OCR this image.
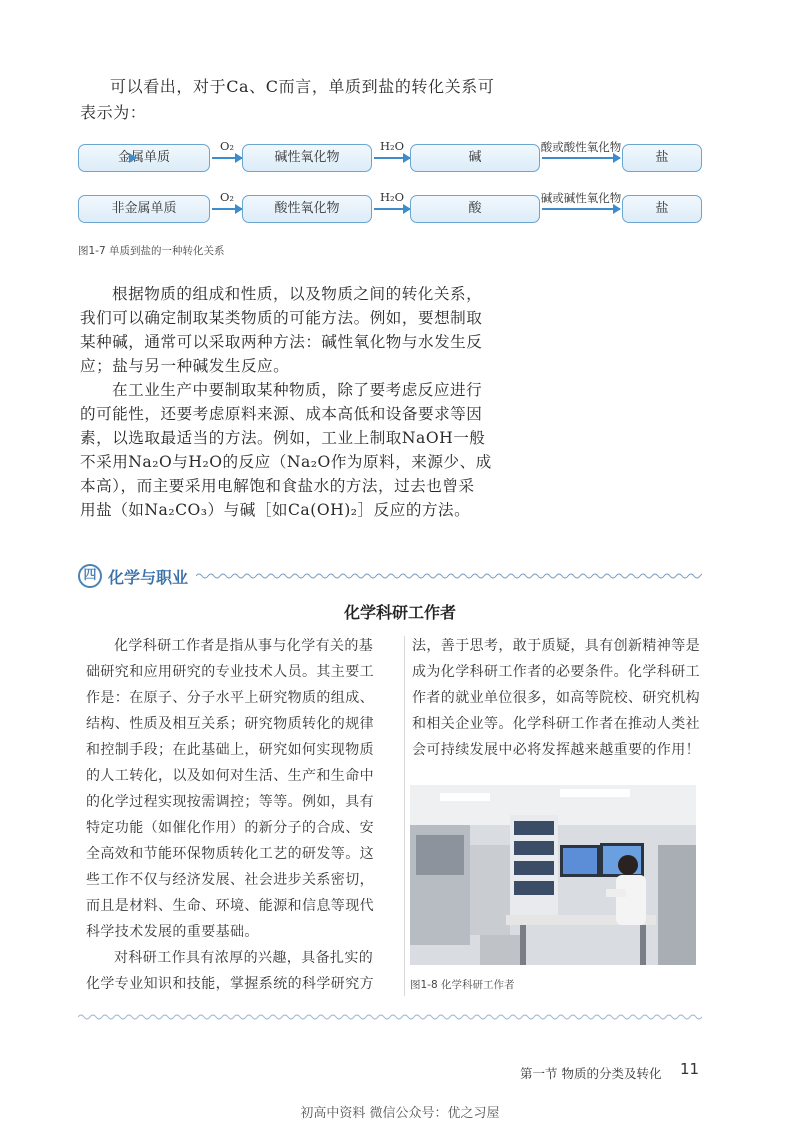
可以看出，对于Ca、C而言，单质到盐的转化关系可
表示为：
金属单质
O₂
碱性氧化物
H₂O
碱
酸或酸性氧化物
盐
非金属单质
O₂
酸性氧化物
H₂O
酸
碱或碱性氧化物
盐
图1-7 单质到盐的一种转化关系
根据物质的组成和性质，以及物质之间的转化关系，
我们可以确定制取某类物质的可能方法。例如，要想制取
某种碱，通常可以采取两种方法：碱性氧化物与水发生反
应；盐与另一种碱发生反应。
在工业生产中要制取某种物质，除了要考虑反应进行
的可能性，还要考虑原料来源、成本高低和设备要求等因
素，以选取最适当的方法。例如，工业上制取NaOH一般
不采用Na₂O与H₂O的反应（Na₂O作为原料，来源少、成
本高），而主要采用电解饱和食盐水的方法，过去也曾采
用盐（如Na₂CO₃）与碱［如Ca(OH)₂］反应的方法。
四 化学与职业
化学科研工作者
化学科研工作者是指从事与化学有关的基
础研究和应用研究的专业技术人员。其主要工
作是：在原子、分子水平上研究物质的组成、
结构、性质及相互关系；研究物质转化的规律
和控制手段；在此基础上，研究如何实现物质
的人工转化，以及如何对生活、生产和生命中
的化学过程实现按需调控；等等。例如，具有
特定功能（如催化作用）的新分子的合成、安
全高效和节能环保物质转化工艺的研发等。这
些工作不仅与经济发展、社会进步关系密切，
而且是材料、生命、环境、能源和信息等现代
科学技术发展的重要基础。
对科研工作具有浓厚的兴趣，具备扎实的
化学专业知识和技能，掌握系统的科学研究方
法，善于思考，敢于质疑，具有创新精神等是
成为化学科研工作者的必要条件。化学科研工
作者的就业单位很多，如高等院校、研究机构
和相关企业等。化学科研工作者在推动人类社
会可持续发展中必将发挥越来越重要的作用！
图1-8 化学科研工作者
第一节 物质的分类及转化 11
初高中资料 微信公众号：优之习屋
